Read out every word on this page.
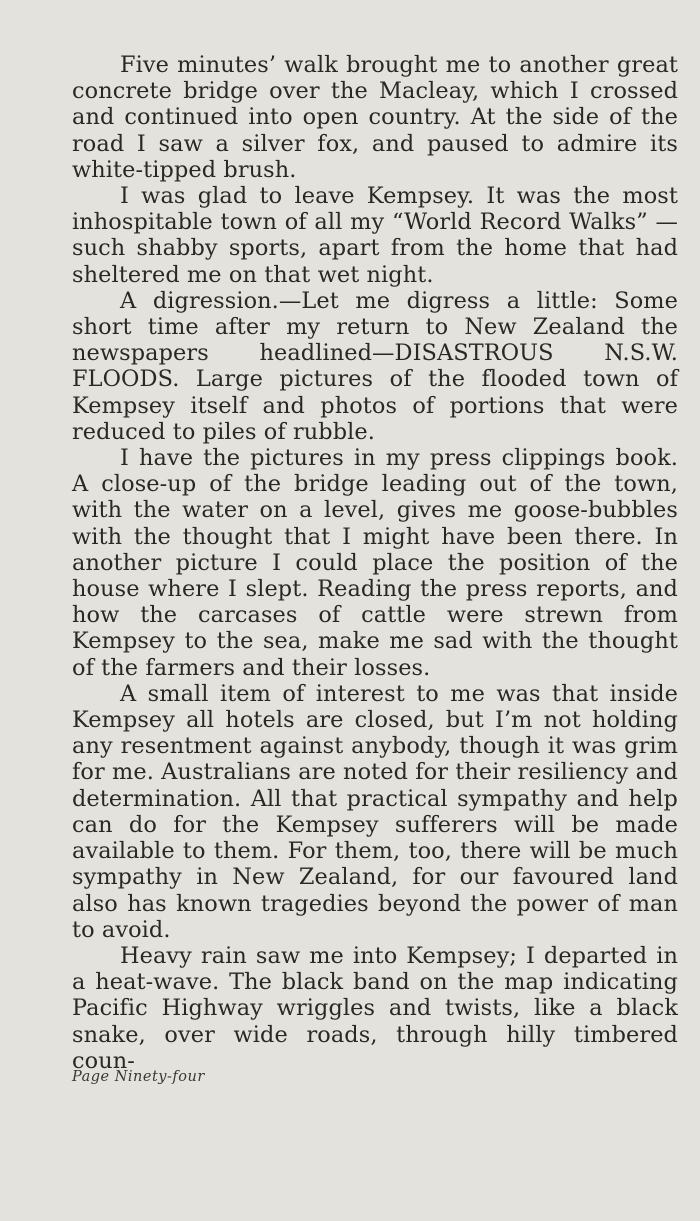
Five minutes’ walk brought me to another great concrete bridge over the Macleay, which I crossed and continued into open country. At the side of the road I saw a silver fox, and paused to admire its white-tipped brush.

I was glad to leave Kempsey. It was the most inhospitable town of all my “World Record Walks” —such shabby sports, apart from the home that had sheltered me on that wet night.

A digression.—Let me digress a little: Some short time after my return to New Zealand the newspapers headlined—DISASTROUS N.S.W. FLOODS. Large pictures of the flooded town of Kempsey itself and photos of portions that were reduced to piles of rubble.

I have the pictures in my press clippings book. A close-up of the bridge leading out of the town, with the water on a level, gives me goose-bubbles with the thought that I might have been there. In another picture I could place the position of the house where I slept. Reading the press reports, and how the carcases of cattle were strewn from Kempsey to the sea, make me sad with the thought of the farmers and their losses.

A small item of interest to me was that inside Kempsey all hotels are closed, but I’m not holding any resentment against anybody, though it was grim for me. Australians are noted for their resiliency and determination. All that practical sympathy and help can do for the Kempsey sufferers will be made available to them. For them, too, there will be much sympathy in New Zealand, for our favoured land also has known tragedies beyond the power of man to avoid.

Heavy rain saw me into Kempsey; I departed in a heat-wave. The black band on the map indicating Pacific Highway wriggles and twists, like a black snake, over wide roads, through hilly timbered coun-

Page Ninety-four
